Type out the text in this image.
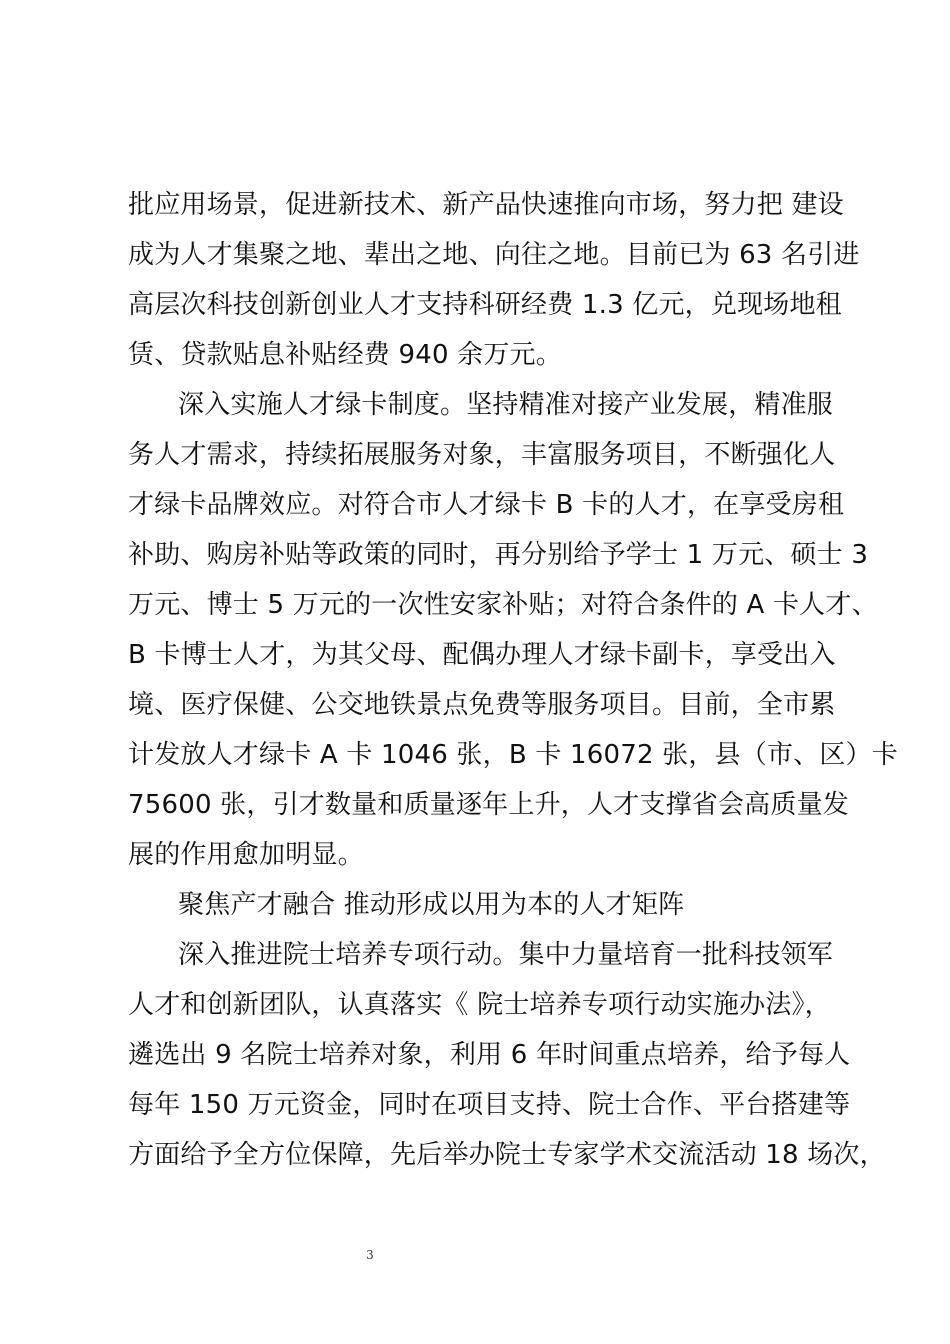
批应用场景，促进新技术、新产品快速推向市场，努力把 建设
成为人才集聚之地、辈出之地、向往之地。目前已为 63 名引进
高层次科技创新创业人才支持科研经费 1.3 亿元，兑现场地租
赁、贷款贴息补贴经费 940 余万元。
深入实施人才绿卡制度。坚持精准对接产业发展，精准服
务人才需求，持续拓展服务对象，丰富服务项目，不断强化人
才绿卡品牌效应。对符合市人才绿卡 B 卡的人才，在享受房租
补助、购房补贴等政策的同时，再分别给予学士 1 万元、硕士 3
万元、博士 5 万元的一次性安家补贴；对符合条件的 A 卡人才、
B 卡博士人才，为其父母、配偶办理人才绿卡副卡，享受出入
境、医疗保健、公交地铁景点免费等服务项目。目前，全市累
计发放人才绿卡 A 卡 1046 张，B 卡 16072 张，县（市、区）卡
75600 张，引才数量和质量逐年上升，人才支撑省会高质量发
展的作用愈加明显。
聚焦产才融合 推动形成以用为本的人才矩阵
深入推进院士培养专项行动。集中力量培育一批科技领军
人才和创新团队，认真落实《 院士培养专项行动实施办法》，
遴选出 9 名院士培养对象，利用 6 年时间重点培养，给予每人
每年 150 万元资金，同时在项目支持、院士合作、平台搭建等
方面给予全方位保障，先后举办院士专家学术交流活动 18 场次，
3
